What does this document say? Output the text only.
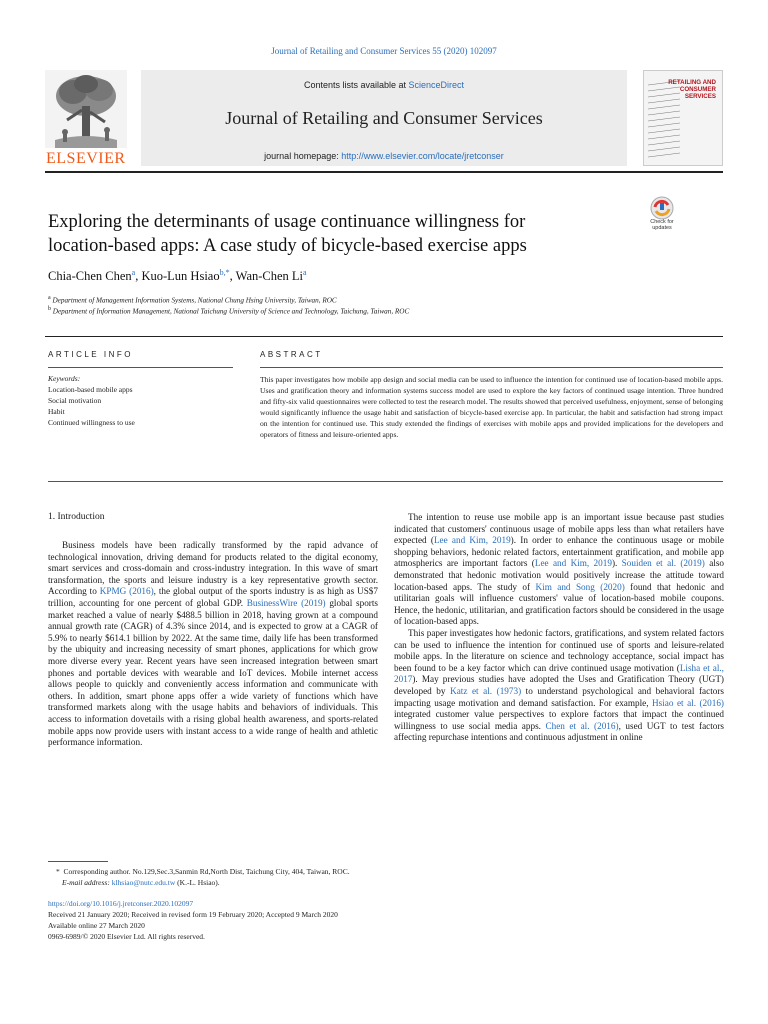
Journal of Retailing and Consumer Services 55 (2020) 102097
ELSEVIER
Contents lists available at ScienceDirect
Journal of Retailing and Consumer Services
journal homepage: http://www.elsevier.com/locate/jretconser
RETAILING AND CONSUMER SERVICES
Exploring the determinants of usage continuance willingness for
location-based apps: A case study of bicycle-based exercise apps
Check for updates
Chia-Chen Chen$^a$, Kuo-Lun Hsiao$^{b,*}$, Wan-Chen Li$^a$
$^a$ Department of Management Information Systems, National Chung Hsing University, Taiwan, ROC
$^b$ Department of Information Management, National Taichung University of Science and Technology, Taichung, Taiwan, ROC
ARTICLE INFO	ABSTRACT
Keywords:
Location-based mobile apps
Social motivation
Habit
Continued willingness to use
This paper investigates how mobile app design and social media can be used to influence the intention for continued use of location-based mobile apps. Uses and gratification theory and information systems success model are used to explore the key factors of continued usage intention. Three hundred and fifty-six valid questionnaires were collected to test the research model. The results showed that perceived usefulness, enjoyment, sense of belonging would significantly influence the usage habit and satisfaction of bicycle-based exercise app. In particular, the habit and satisfaction had strong impact on the intention for continued use. This study extended the findings of exercises with mobile apps and provided implications for the developers and operators of fitness and leisure-oriented apps.
1. Introduction

Business models have been radically transformed by the rapid advance of technological innovation, driving demand for products related to the digital economy, smart services and cross-domain and cross-industry integration. In this wave of smart transformation, the sports and leisure industry is a key representative growth sector. According to KPMG (2016), the global output of the sports industry is as high as US$7 trillion, accounting for one percent of global GDP. BusinessWire (2019) global sports market reached a value of nearly $488.5 billion in 2018, having grown at a compound annual growth rate (CAGR) of 4.3% since 2014, and is expected to grow at a CAGR of 5.9% to nearly $614.1 billion by 2022. At the same time, daily life has been transformed by the ubiquity and increasing necessity of smart phones, applications for which grow more diverse every year. Recent years have seen increased integration between smart phones and portable devices with wearable and IoT devices. Mobile internet access allows people to quickly and conveniently access information and communicate with others. In addition, smart phone apps offer a wide variety of functions which have transformed markets along with the usage habits and behaviors of individuals. This access to information dovetails with a rising global health awareness, and sports-related mobile apps now provide users with instant access to a wide range of health and athletic performance information.

The intention to reuse use mobile app is an important issue because past studies indicated that customers' continuous usage of mobile apps less than what retailers have expected (Lee and Kim, 2019). In order to enhance the continuous usage or mobile shopping behaviors, hedonic related factors, entertainment gratification, and mobile app atmospherics are important factors (Lee and Kim, 2019). Souiden et al. (2019) also demonstrated that hedonic motivation would positively increase the attitude toward location-based apps. The study of Kim and Song (2020) found that hedonic and utilitarian goals will influence customers' value of location-based mobile coupons. Hence, the hedonic, utilitarian, and gratification factors should be considered in the usage of location-based apps.

This paper investigates how hedonic factors, gratifications, and system related factors can be used to influence the intention for continued use of sports and leisure-related mobile apps. In the literature on science and technology acceptance, social impact has been found to be a key factor which can drive continued usage motivation (Lisha et al., 2017). May previous studies have adopted the Uses and Gratification Theory (UGT) developed by Katz et al. (1973) to understand psychological and behavioral factors impacting usage motivation and demand satisfaction. For example, Hsiao et al. (2016) integrated customer value perspectives to explore factors that impact the continued willingness to use social media apps. Chen et al. (2016), used UGT to test factors affecting repurchase intentions and continuous adjustment in online

* Corresponding author. No.129,Sec.3,Sanmin Rd,North Dist, Taichung City, 404, Taiwan, ROC.
E-mail address: klhsiao@nutc.edu.tw (K.-L. Hsiao).
https://doi.org/10.1016/j.jretconser.2020.102097
Received 21 January 2020; Received in revised form 19 February 2020; Accepted 9 March 2020
Available online 27 March 2020
0969-6989/© 2020 Elsevier Ltd. All rights reserved.
